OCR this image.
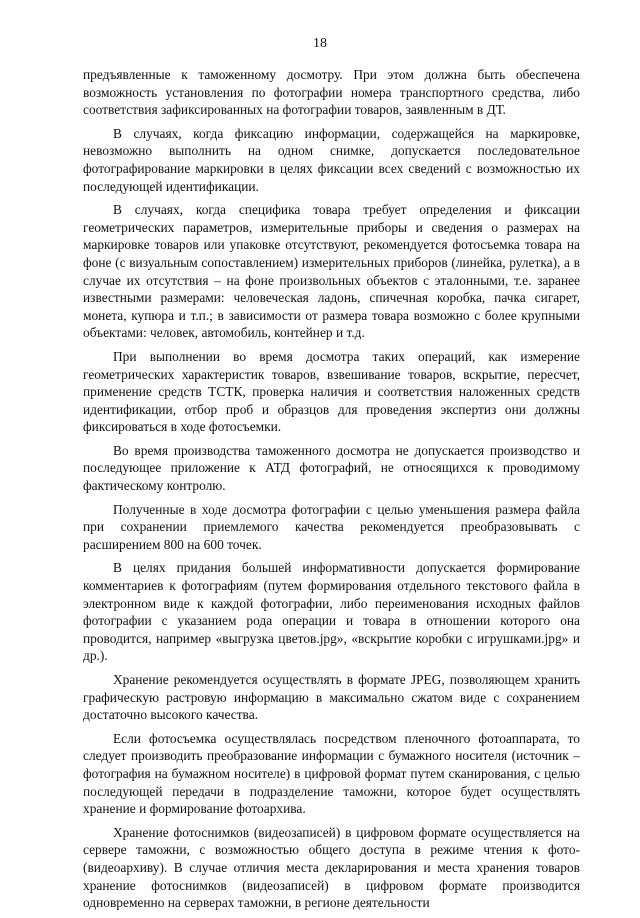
18

предъявленные к таможенному досмотру. При этом должна быть обеспечена возможность установления по фотографии номера транспортного средства, либо соответствия зафиксированных на фотографии товаров, заявленным в ДТ.

В случаях, когда фиксацию информации, содержащейся на маркировке, невозможно выполнить на одном снимке, допускается последовательное фотографирование маркировки в целях фиксации всех сведений с возможностью их последующей идентификации.

В случаях, когда специфика товара требует определения и фиксации геометрических параметров, измерительные приборы и сведения о размерах на маркировке товаров или упаковке отсутствуют, рекомендуется фотосъемка товара на фоне (с визуальным сопоставлением) измерительных приборов (линейка, рулетка), а в случае их отсутствия – на фоне произвольных объектов с эталонными, т.е. заранее известными размерами: человеческая ладонь, спичечная коробка, пачка сигарет, монета, купюра и т.п.; в зависимости от размера товара возможно с более крупными объектами: человек, автомобиль, контейнер и т.д.

При выполнении во время досмотра таких операций, как измерение геометрических характеристик товаров, взвешивание товаров, вскрытие, пересчет, применение средств ТСТК, проверка наличия и соответствия наложенных средств идентификации, отбор проб и образцов для проведения экспертиз они должны фиксироваться в ходе фотосъемки.

Во время производства таможенного досмотра не допускается производство и последующее приложение к АТД фотографий, не относящихся к проводимому фактическому контролю.

Полученные в ходе досмотра фотографии с целью уменьшения размера файла при сохранении приемлемого качества рекомендуется преобразовывать с расширением 800 на 600 точек.

В целях придания большей информативности допускается формирование комментариев к фотографиям (путем формирования отдельного текстового файла в электронном виде к каждой фотографии, либо переименования исходных файлов фотографии с указанием рода операции и товара в отношении которого она проводится, например «выгрузка цветов.jpg», «вскрытие коробки с игрушками.jpg» и др.).

Хранение рекомендуется осуществлять в формате JPEG, позволяющем хранить графическую растровую информацию в максимально сжатом виде с сохранением достаточно высокого качества.

Если фотосъемка осуществлялась посредством пленочного фотоаппарата, то следует производить преобразование информации с бумажного носителя (источник – фотография на бумажном носителе) в цифровой формат путем сканирования, с целью последующей передачи в подразделение таможни, которое будет осуществлять хранение и формирование фотоархива.

Хранение фотоснимков (видеозаписей) в цифровом формате осуществляется на сервере таможни, с возможностью общего доступа в режиме чтения к фото- (видеоархиву). В случае отличия места декларирования и места хранения товаров хранение фотоснимков (видеозаписей) в цифровом формате производится одновременно на серверах таможни, в регионе деятельности
